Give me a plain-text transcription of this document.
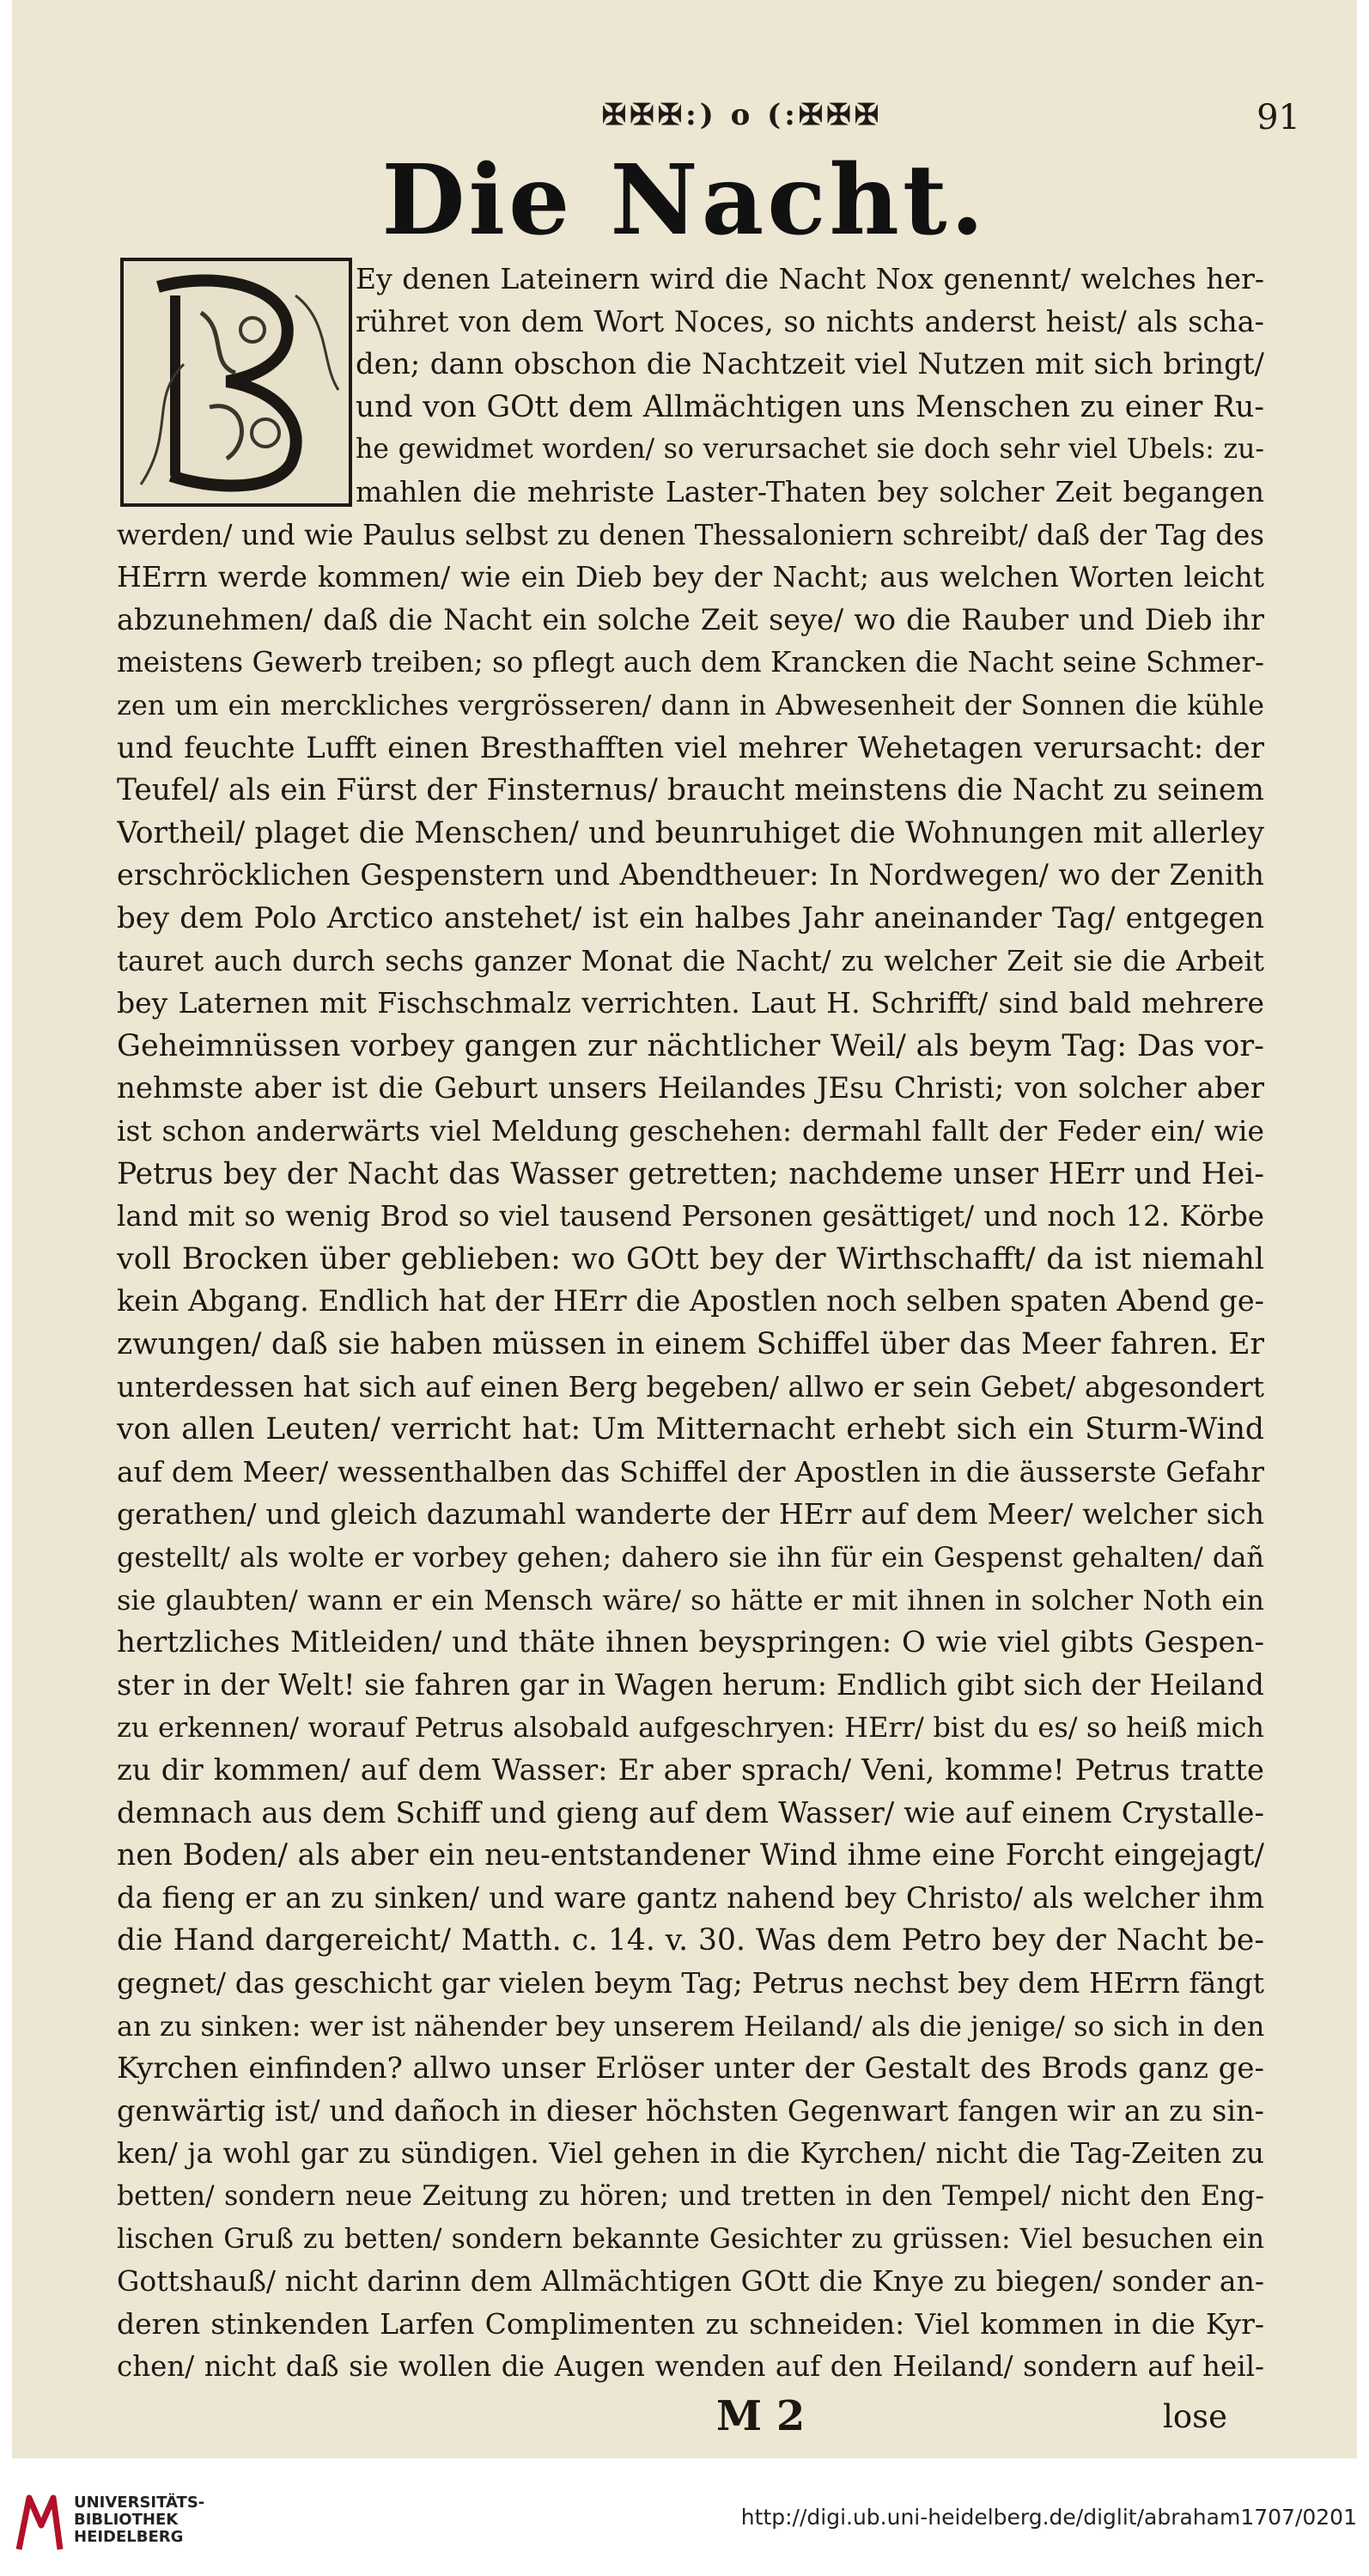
✠✠✠:) o (:✠✠✠	91
Die Nacht.
Ey denen Lateinern wird die Nacht Nox genennt/ welches her-
rühret von dem Wort Noces, so nichts anderst heist/ als scha-
den; dann obschon die Nachtzeit viel Nutzen mit sich bringt/
und von GOtt dem Allmächtigen uns Menschen zu einer Ru-
he gewidmet worden/ so verursachet sie doch sehr viel Ubels: zu-
mahlen die mehriste Laster-Thaten bey solcher Zeit begangen
werden/ und wie Paulus selbst zu denen Thessaloniern schreibt/ daß der Tag des
HErrn werde kommen/ wie ein Dieb bey der Nacht; aus welchen Worten leicht
abzunehmen/ daß die Nacht ein solche Zeit seye/ wo die Rauber und Dieb ihr
meistens Gewerb treiben; so pflegt auch dem Krancken die Nacht seine Schmer-
zen um ein merckliches vergrösseren/ dann in Abwesenheit der Sonnen die kühle
und feuchte Lufft einen Bresthafften viel mehrer Wehetagen verursacht: der
Teufel/ als ein Fürst der Finsternus/ braucht meinstens die Nacht zu seinem
Vortheil/ plaget die Menschen/ und beunruhiget die Wohnungen mit allerley
erschröcklichen Gespenstern und Abendtheuer: In Nordwegen/ wo der Zenith
bey dem Polo Arctico anstehet/ ist ein halbes Jahr aneinander Tag/ entgegen
tauret auch durch sechs ganzer Monat die Nacht/ zu welcher Zeit sie die Arbeit
bey Laternen mit Fischschmalz verrichten. Laut H. Schrifft/ sind bald mehrere
Geheimnüssen vorbey gangen zur nächtlicher Weil/ als beym Tag: Das vor-
nehmste aber ist die Geburt unsers Heilandes JEsu Christi; von solcher aber
ist schon anderwärts viel Meldung geschehen: dermahl fallt der Feder ein/ wie
Petrus bey der Nacht das Wasser getretten; nachdeme unser HErr und Hei-
land mit so wenig Brod so viel tausend Personen gesättiget/ und noch 12. Körbe
voll Brocken über geblieben: wo GOtt bey der Wirthschafft/ da ist niemahl
kein Abgang. Endlich hat der HErr die Apostlen noch selben spaten Abend ge-
zwungen/ daß sie haben müssen in einem Schiffel über das Meer fahren. Er
unterdessen hat sich auf einen Berg begeben/ allwo er sein Gebet/ abgesondert
von allen Leuten/ verricht hat: Um Mitternacht erhebt sich ein Sturm-Wind
auf dem Meer/ wessenthalben das Schiffel der Apostlen in die äusserste Gefahr
gerathen/ und gleich dazumahl wanderte der HErr auf dem Meer/ welcher sich
gestellt/ als wolte er vorbey gehen; dahero sie ihn für ein Gespenst gehalten/ dañ
sie glaubten/ wann er ein Mensch wäre/ so hätte er mit ihnen in solcher Noth ein
hertzliches Mitleiden/ und thäte ihnen beyspringen: O wie viel gibts Gespen-
ster in der Welt! sie fahren gar in Wagen herum: Endlich gibt sich der Heiland
zu erkennen/ worauf Petrus alsobald aufgeschryen: HErr/ bist du es/ so heiß mich
zu dir kommen/ auf dem Wasser: Er aber sprach/ Veni, komme! Petrus tratte
demnach aus dem Schiff und gieng auf dem Wasser/ wie auf einem Crystalle-
nen Boden/ als aber ein neu-entstandener Wind ihme eine Forcht eingejagt/
da fieng er an zu sinken/ und ware gantz nahend bey Christo/ als welcher ihm
die Hand dargereicht/ Matth. c. 14. v. 30. Was dem Petro bey der Nacht be-
gegnet/ das geschicht gar vielen beym Tag; Petrus nechst bey dem HErrn fängt
an zu sinken: wer ist nähender bey unserem Heiland/ als die jenige/ so sich in den
Kyrchen einfinden? allwo unser Erlöser unter der Gestalt des Brods ganz ge-
genwärtig ist/ und dañoch in dieser höchsten Gegenwart fangen wir an zu sin-
ken/ ja wohl gar zu sündigen. Viel gehen in die Kyrchen/ nicht die Tag-Zeiten zu
betten/ sondern neue Zeitung zu hören; und tretten in den Tempel/ nicht den Eng-
lischen Gruß zu betten/ sondern bekannte Gesichter zu grüssen: Viel besuchen ein
Gottshauß/ nicht darinn dem Allmächtigen GOtt die Knye zu biegen/ sonder an-
deren stinkenden Larfen Complimenten zu schneiden: Viel kommen in die Kyr-
chen/ nicht daß sie wollen die Augen wenden auf den Heiland/ sondern auf heil-
M 2	lose
UNIVERSITÄTS-
BIBLIOTHEK
HEIDELBERG
http://digi.ub.uni-heidelberg.de/diglit/abraham1707/0201
